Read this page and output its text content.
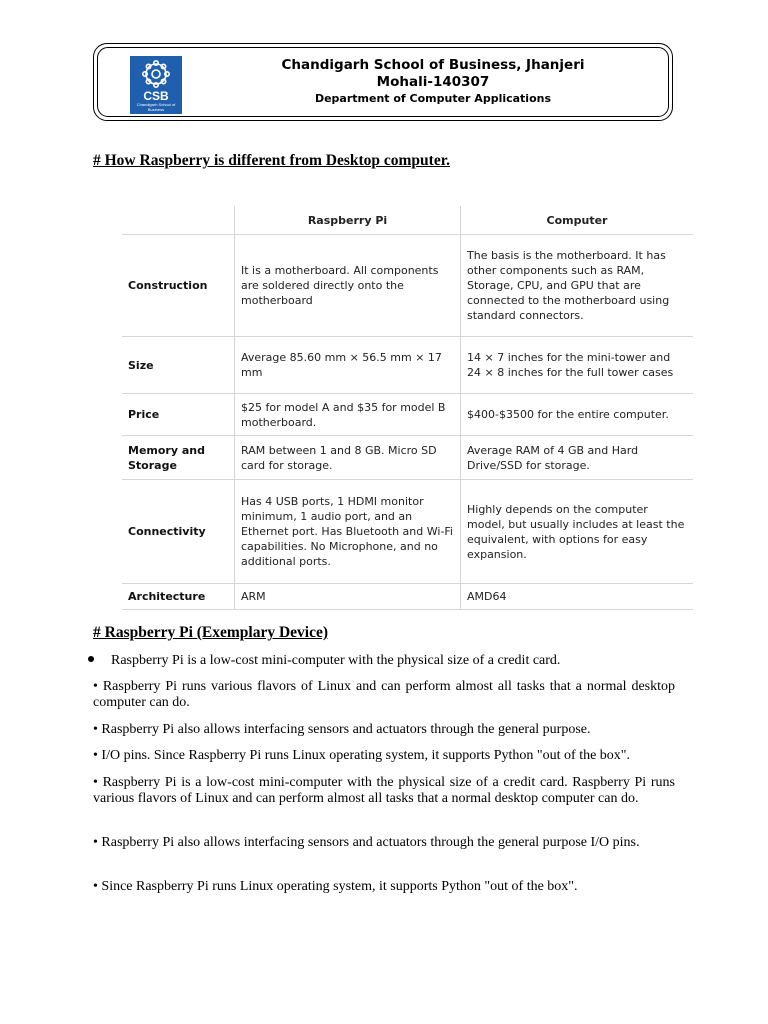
CSB
Chandigarh School of Business
Chandigarh School of Business, Jhanjeri
Mohali-140307
Department of Computer Applications
# How Raspberry is different from Desktop computer.
	Raspberry Pi	Computer
Construction	It is a motherboard. All components are soldered directly onto the motherboard	The basis is the motherboard. It has other components such as RAM, Storage, CPU, and GPU that are connected to the motherboard using standard connectors.
Size	Average 85.60 mm × 56.5 mm × 17 mm	14 × 7 inches for the mini-tower and 24 × 8 inches for the full tower cases
Price	$25 for model A and $35 for model B motherboard.	$400-$3500 for the entire computer.
Memory and Storage	RAM between 1 and 8 GB. Micro SD card for storage.	Average RAM of 4 GB and Hard Drive/SSD for storage.
Connectivity	Has 4 USB ports, 1 HDMI monitor minimum, 1 audio port, and an Ethernet port. Has Bluetooth and Wi-Fi capabilities. No Microphone, and no additional ports.	Highly depends on the computer model, but usually includes at least the equivalent, with options for easy expansion.
Architecture	ARM	AMD64
# Raspberry Pi (Exemplary Device)
Raspberry Pi is a low-cost mini-computer with the physical size of a credit card.
• Raspberry Pi runs various flavors of Linux and can perform almost all tasks that a normal desktop computer can do.
• Raspberry Pi also allows interfacing sensors and actuators through the general purpose.
• I/O pins. Since Raspberry Pi runs Linux operating system, it supports Python "out of the box".
• Raspberry Pi is a low-cost mini-computer with the physical size of a credit card. Raspberry Pi runs various flavors of Linux and can perform almost all tasks that a normal desktop computer can do.
• Raspberry Pi also allows interfacing sensors and actuators through the general purpose I/O pins.
• Since Raspberry Pi runs Linux operating system, it supports Python "out of the box".
